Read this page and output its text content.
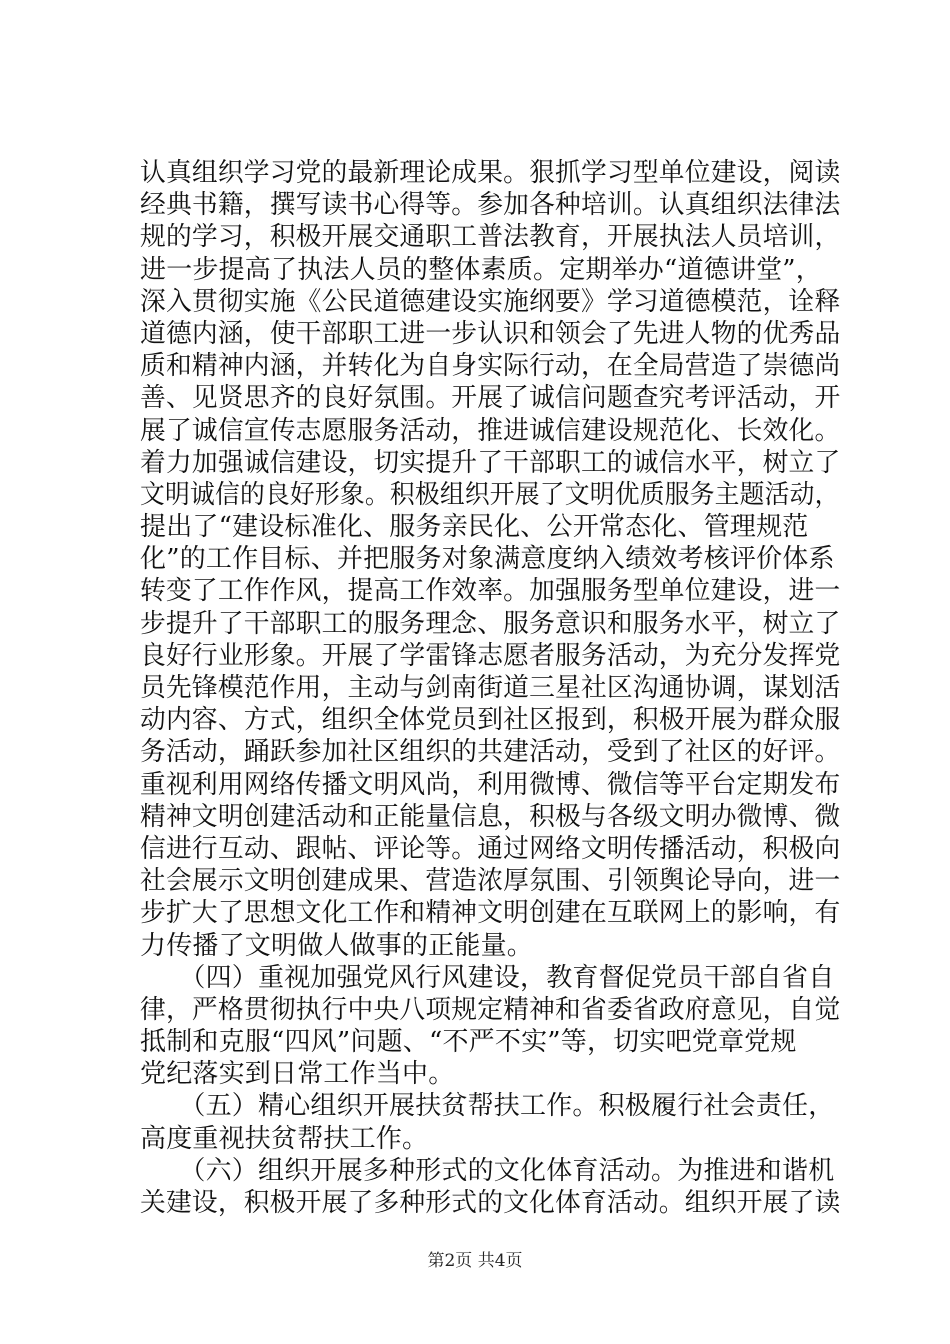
认真组织学习党的最新理论成果。狠抓学习型单位建设，阅读
经典书籍，撰写读书心得等。参加各种培训。认真组织法律法
规的学习，积极开展交通职工普法教育，开展执法人员培训，
进一步提高了执法人员的整体素质。定期举办“道德讲堂”，
深入贯彻实施《公民道德建设实施纲要》学习道德模范，诠释
道德内涵，使干部职工进一步认识和领会了先进人物的优秀品
质和精神内涵，并转化为自身实际行动，在全局营造了崇德尚
善、见贤思齐的良好氛围。开展了诚信问题查究考评活动，开
展了诚信宣传志愿服务活动，推进诚信建设规范化、长效化。
着力加强诚信建设，切实提升了干部职工的诚信水平，树立了
文明诚信的良好形象。积极组织开展了文明优质服务主题活动，
提出了“建设标准化、服务亲民化、公开常态化、管理规范
化”的工作目标、并把服务对象满意度纳入绩效考核评价体系
转变了工作作风，提高工作效率。加强服务型单位建设，进一
步提升了干部职工的服务理念、服务意识和服务水平，树立了
良好行业形象。开展了学雷锋志愿者服务活动，为充分发挥党
员先锋模范作用，主动与剑南街道三星社区沟通协调，谋划活
动内容、方式，组织全体党员到社区报到，积极开展为群众服
务活动，踊跃参加社区组织的共建活动，受到了社区的好评。
重视利用网络传播文明风尚，利用微博、微信等平台定期发布
精神文明创建活动和正能量信息，积极与各级文明办微博、微
信进行互动、跟帖、评论等。通过网络文明传播活动，积极向
社会展示文明创建成果、营造浓厚氛围、引领舆论导向，进一
步扩大了思想文化工作和精神文明创建在互联网上的影响，有
力传播了文明做人做事的正能量。
　　（四）重视加强党风行风建设，教育督促党员干部自省自
律，严格贯彻执行中央八项规定精神和省委省政府意见，自觉
抵制和克服“四风”问题、“不严不实”等，切实吧党章党规
党纪落实到日常工作当中。
　　（五）精心组织开展扶贫帮扶工作。积极履行社会责任，
高度重视扶贫帮扶工作。
　　（六）组织开展多种形式的文化体育活动。为推进和谐机
关建设，积极开展了多种形式的文化体育活动。组织开展了读
第2页 共4页
